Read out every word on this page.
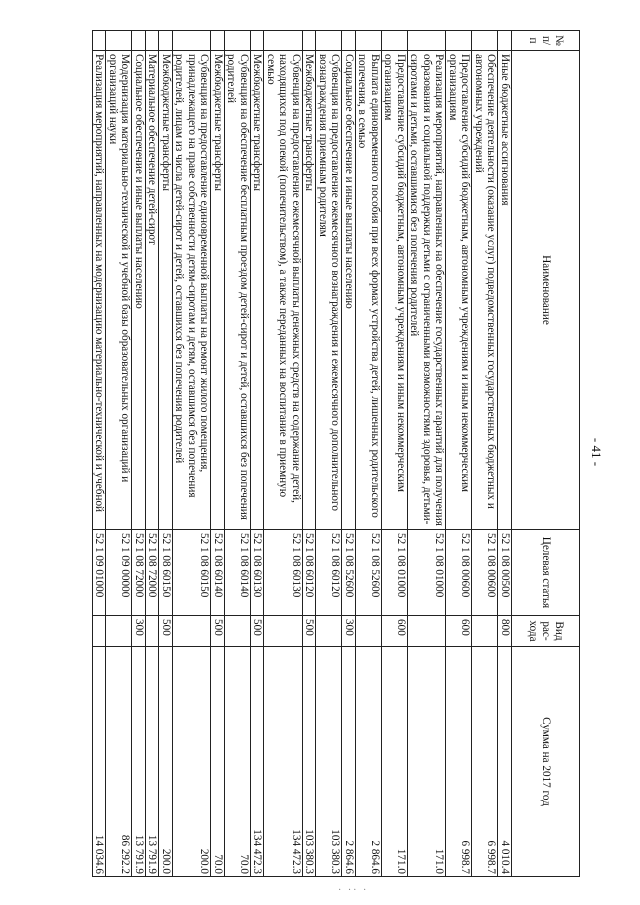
- 41 -
№ п/п	Наименование	Целевая статья	Вид рас-хода	Сумма на 2017 год
	Иные бюджетные ассигнования	52 1 08 00500	800	4 010.4
	Обеспечение деятельности (оказание услуг) подведомственных государственных бюджетных и автономных учреждений	52 1 08 00600		6 998.7
	Предоставление субсидий бюджетным, автономным учреждениям и иным некоммерческим организациям	52 1 08 00600	600	6 998.7
	Реализация мероприятий, направленных на обеспечение государственных гарантий для получения образования и социальной поддержки детьми с ограниченными возможностями здоровья, детьми-сиротами и детьми, оставшимися без попечения родителей	52 1 08 01000		171.0
	Предоставление субсидий бюджетным, автономным учреждениям и иным некоммерческим организациям	52 1 08 01000	600	171.0
	Выплата единовременного пособия при всех формах устройства детей, лишенных родительского попечения, в семью	52 1 08 52600		2 864.6
	Социальное обеспечение и иные выплаты населению	52 1 08 52600	300	2 864.6
	Субвенция на предоставление ежемесячного вознаграждения и ежемесячного дополнительного вознаграждения приемным родителям	52 1 08 60120		103 380.3
	Межбюджетные трансферты	52 1 08 60120	500	103 380.3
	Субвенция на предоставление ежемесячной выплаты денежных средств на содержание детей, находящихся под опекой (попечительством), а также переданных на воспитание в приемную семью	52 1 08 60130		134 472.3
	Межбюджетные трансферты	52 1 08 60130	500	134 472.3
	Субвенция на обеспечение бесплатным проездом детей-сирот и детей, оставшихся без попечения родителей	52 1 08 60140		70.0
	Межбюджетные трансферты	52 1 08 60140	500	70.0
	Субвенция на предоставление единовременной выплаты на ремонт жилого помещения, принадлежащего на праве собственности детям-сиротам и детям, оставшимся без попечения родителей, лицам из числа детей-сирот и детей, оставшихся без попечения родителей	52 1 08 60150		200.0
	Межбюджетные трансферты	52 1 08 60150	500	200.0
	Материальное обеспечение детей-сирот	52 1 08 72000		13 791.9
	Социальное обеспечение и иные выплаты населению	52 1 08 72000	300	13 791.9
	Модернизация материально-технической и учебной базы образовательных организаций и организаций науки	52 1 09 00000		86 292.2
	Реализация мероприятий, направленных на модернизацию материально-технической и учебной	52 1 09 01000		14 034.6
· ·· ·
